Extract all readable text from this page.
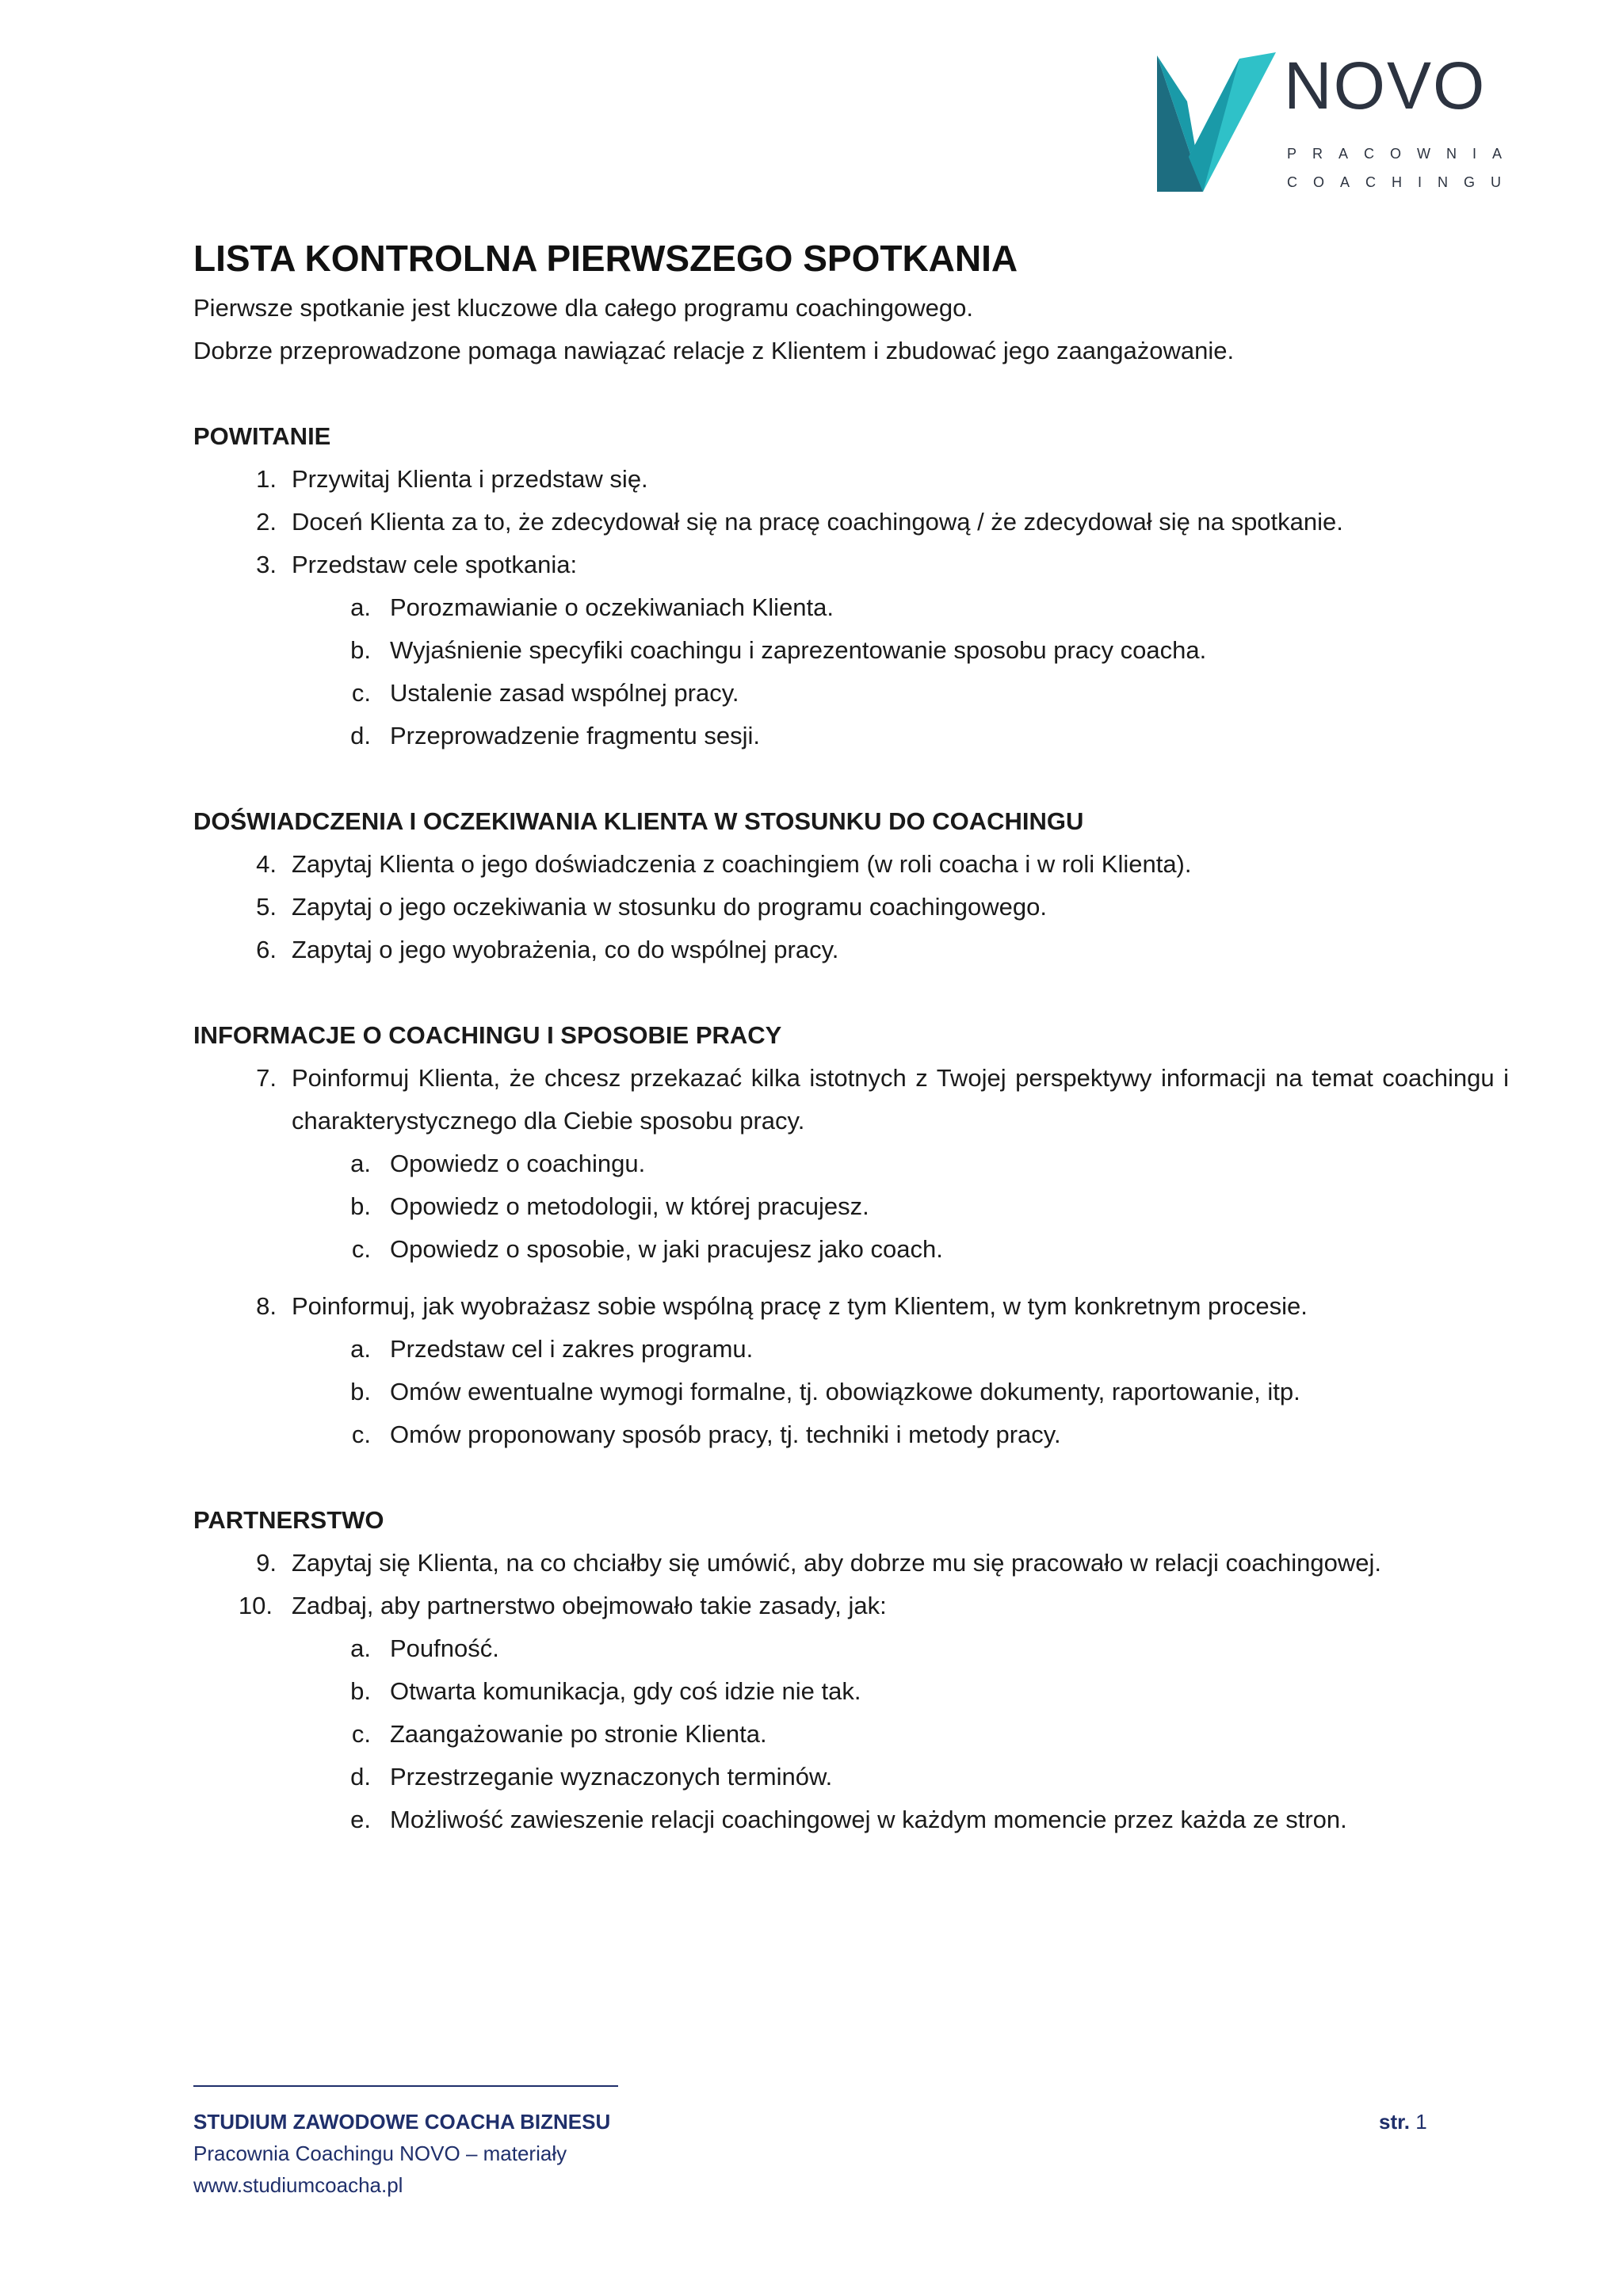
NOVO
PRACOWNIA
COACHINGU
LISTA KONTROLNA PIERWSZEGO SPOTKANIA

Pierwsze spotkanie jest kluczowe dla całego programu coachingowego.

Dobrze przeprowadzone pomaga nawiązać relacje z Klientem i zbudować jego zaangażowanie.

POWITANIE
1. Przywitaj Klienta i przedstaw się.
2. Doceń Klienta za to, że zdecydował się na pracę coachingową / że zdecydował się na spotkanie.
3. Przedstaw cele spotkania:
a. Porozmawianie o oczekiwaniach Klienta.
b. Wyjaśnienie specyfiki coachingu i zaprezentowanie sposobu pracy coacha.
c. Ustalenie zasad wspólnej pracy.
d. Przeprowadzenie fragmentu sesji.
DOŚWIADCZENIA I OCZEKIWANIA KLIENTA W STOSUNKU DO COACHINGU
4. Zapytaj Klienta o jego doświadczenia z coachingiem (w roli coacha i w roli Klienta).
5. Zapytaj o jego oczekiwania w stosunku do programu coachingowego.
6. Zapytaj o jego wyobrażenia, co do wspólnej pracy.
INFORMACJE O COACHINGU I SPOSOBIE PRACY
7. Poinformuj Klienta, że chcesz przekazać kilka istotnych z Twojej perspektywy informacji na temat coachingu i charakterystycznego dla Ciebie sposobu pracy.
a. Opowiedz o coachingu.
b. Opowiedz o metodologii, w której pracujesz.
c. Opowiedz o sposobie, w jaki pracujesz jako coach.
8. Poinformuj, jak wyobrażasz sobie wspólną pracę z tym Klientem, w tym konkretnym procesie.
a. Przedstaw cel i zakres programu.
b. Omów ewentualne wymogi formalne, tj. obowiązkowe dokumenty, raportowanie, itp.
c. Omów proponowany sposób pracy, tj. techniki i metody pracy.
PARTNERSTWO
9. Zapytaj się Klienta, na co chciałby się umówić, aby dobrze mu się pracowało w relacji coachingowej.
10. Zadbaj, aby partnerstwo obejmowało takie zasady, jak:
a. Poufność.
b. Otwarta komunikacja, gdy coś idzie nie tak.
c. Zaangażowanie po stronie Klienta.
d. Przestrzeganie wyznaczonych terminów.
e. Możliwość zawieszenie relacji coachingowej w każdym momencie przez każda ze stron.
STUDIUM ZAWODOWE COACHA BIZNESU
Pracownia Coachingu NOVO – materiały
www.studiumcoacha.pl
str. 1
